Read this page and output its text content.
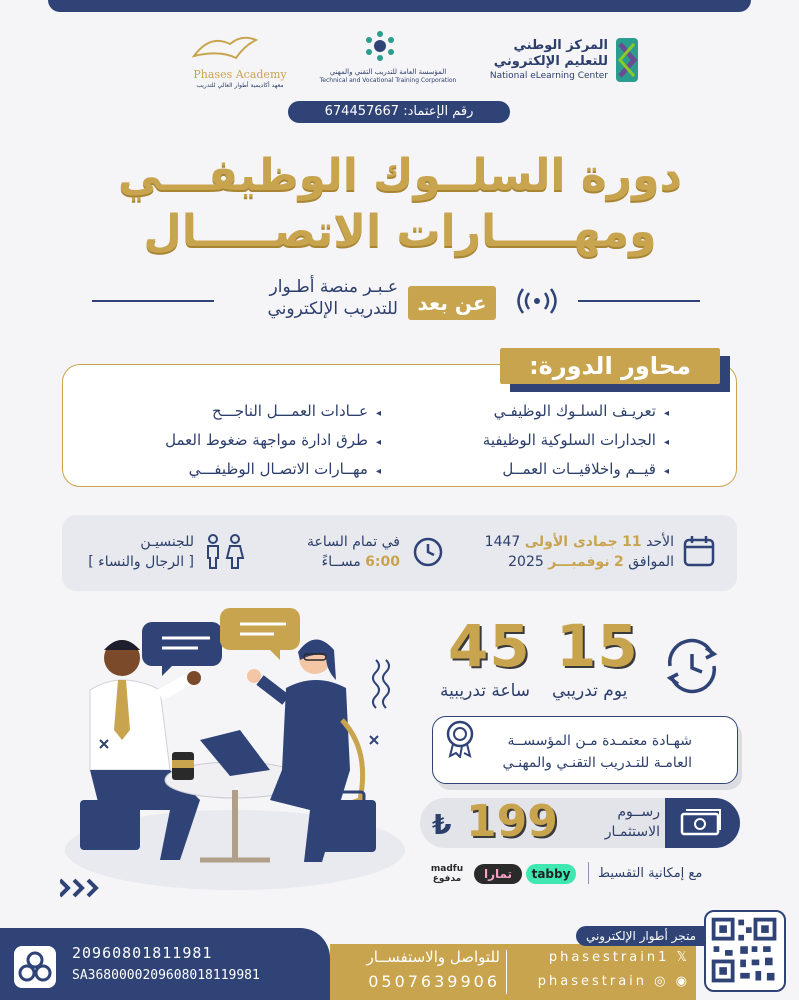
المركز الوطني
للتعليم الإلكتروني
National eLearning Center
المؤسسة العامة للتدريب التقني والمهني
Technical and Vocational Training Corporation
Phases Academy
معهد أكاديمية أطوار العالي للتدريب
رقم الإعتماد: 674457667
دورة السلــوك الوظيفـــي
ومهـــــارات الاتصـــــال
عـبـر منصة أطـوار
للتدريب الإلكتروني عن بعد
محاور الدورة:
◂ تعريـف السلـوك الوظيفـي
◂ الجدارات السلوكية الوظيفية
◂ قيــم واخلاقيــات العمــل
◂ عــادات العمـــل الناجـــح
◂ طرق ادارة مواجهة ضغوط العمل
◂ مهــارات الاتصـال الوظيفـــي
الأحد 11 جمادى الأولى 1447
الموافق 2 نوفمبـــر 2025
في تمام الساعة
6:00 مســاءً
للجنسيـن
[ الرجال والنساء ]
15
يوم تدريبي
45
ساعة تدريبية
شهـادة معتمـدة مـن المؤسســة
العامـة للتـدريب التقنـي والمهنـي
رســوم
الاستثمـار
199
₺
مع إمكانية التقسيط
tabby
تمارا
madfu مدفوع
20960801811981
SA3680000209608018119981
للتواصل والاستفســار
0507639906
phasestrain1 𝕏
phasestrain ◎ ◉
متجر أطوار الإلكتروني
